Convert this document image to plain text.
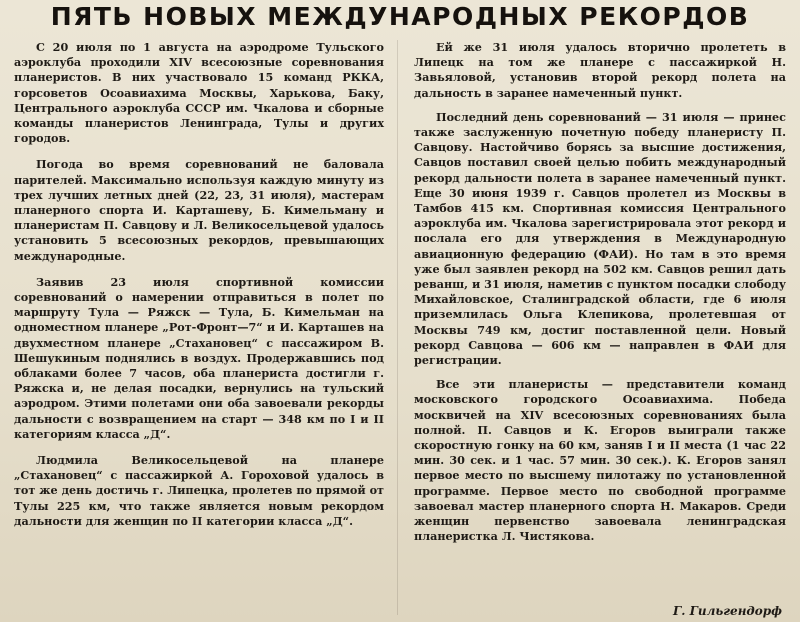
ПЯТЬ НОВЫХ МЕЖДУНАРОДНЫХ РЕКОРДОВ

С 20 июля по 1 августа на аэродроме Тульского аэроклуба проходили XIV всесоюзные соревнования планеристов. В них участвовало 15 команд РККА, горсоветов Осоавиахима Москвы, Харькова, Баку, Центрального аэроклуба СССР им. Чкалова и сборные команды планеристов Ленинграда, Тулы и других городов.

Погода во время соревнований не баловала парителей. Максимально используя каждую минуту из трех лучших летных дней (22, 23, 31 июля), мастерам планерного спорта И. Карташеву, Б. Кимельману и планеристам П. Савцову и Л. Великосельцевой удалось установить 5 всесоюзных рекордов, превышающих международные.

Заявив 23 июля спортивной комиссии соревнований о намерении отправиться в полет по маршруту Тула — Ряжск — Тула, Б. Кимельман на одноместном планере „Рот-Фронт—7“ и И. Карташев на двухместном планере „Стахановец“ с пассажиром В. Шешукиным поднялись в воздух. Продержавшись под облаками более 7 часов, оба планериста достигли г. Ряжска и, не делая посадки, вернулись на тульский аэродром. Этими полетами они оба завоевали рекорды дальности с возвращением на старт — 348 км по I и II категориям класса „Д“.

Людмила Великосельцевой на планере „Стахановец“ с пассажиркой А. Гороховой удалось в тот же день достичь г. Липецка, пролетев по прямой от Тулы 225 км, что также является новым рекордом дальности для женщин по II категории класса „Д“.

Ей же 31 июля удалось вторично пролететь в Липецк на том же планере с пассажиркой Н. Завьяловой, установив второй рекорд полета на дальность в заранее намеченный пункт.

Последний день соревнований — 31 июля — принес также заслуженную почетную победу планеристу П. Савцову. Настойчиво борясь за высшие достижения, Савцов поставил своей целью побить международный рекорд дальности полета в заранее намеченный пункт. Еще 30 июня 1939 г. Савцов пролетел из Москвы в Тамбов 415 км. Спортивная комиссия Центрального аэроклуба им. Чкалова зарегистрировала этот рекорд и послала его для утверждения в Международную авиационную федерацию (ФАИ). Но там в это время уже был заявлен рекорд на 502 км. Савцов решил дать реванш, и 31 июля, наметив с пунктом посадки слободу Михайловское, Сталинградской области, где 6 июля приземлилась Ольга Клепикова, пролетевшая от Москвы 749 км, достиг поставленной цели. Новый рекорд Савцова — 606 км — направлен в ФАИ для регистрации.

Все эти планеристы — представители команд московского городского Осоавиахима. Победа москвичей на XIV всесоюзных соревнованиях была полной. П. Савцов и К. Егоров выиграли также скоростную гонку на 60 км, заняв I и II места (1 час 22 мин. 30 сек. и 1 час. 57 мин. 30 сек.). К. Егоров занял первое место по высшему пилотажу по установленной программе. Первое место по свободной программе завоевал мастер планерного спорта Н. Макаров. Среди женщин первенство завоевала ленинградская планеристка Л. Чистякова.

Г. Гильгендорф
